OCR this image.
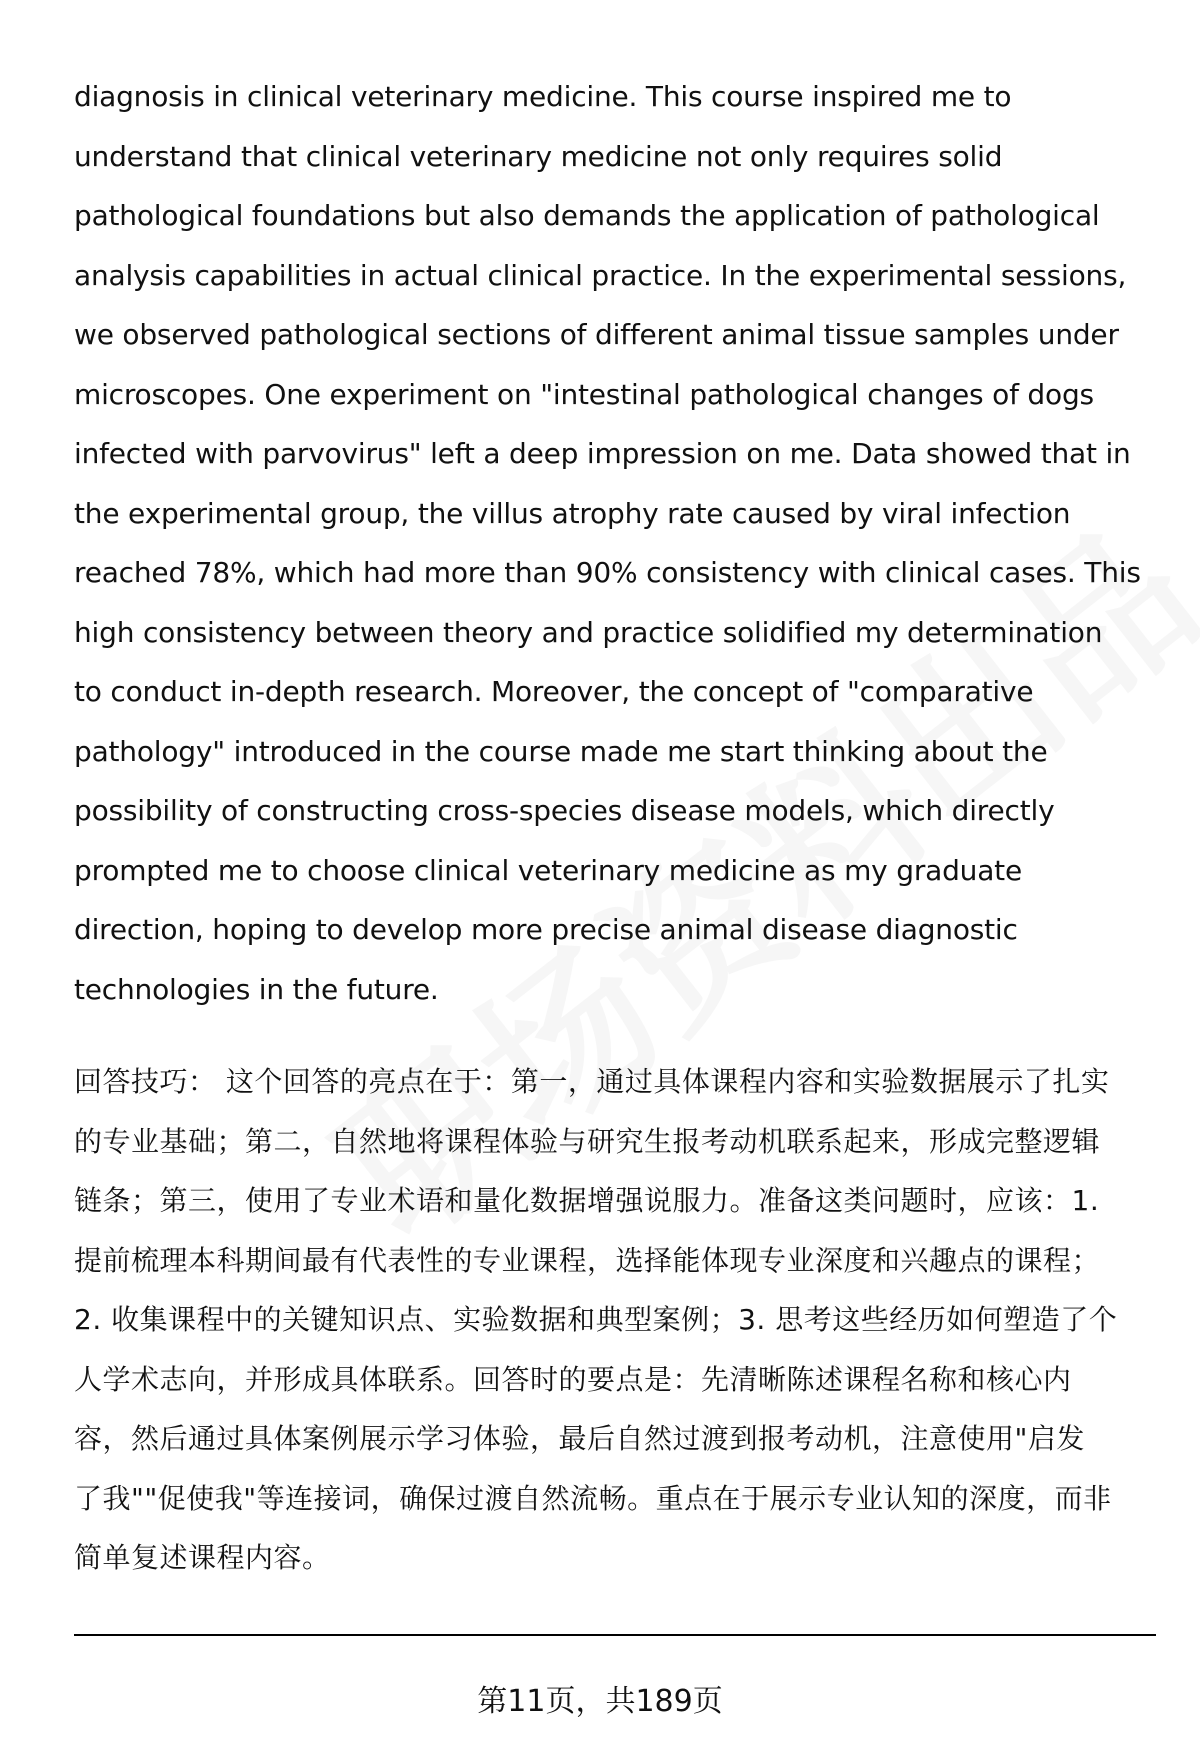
diagnosis in clinical veterinary medicine. This course inspired me to
understand that clinical veterinary medicine not only requires solid
pathological foundations but also demands the application of pathological
analysis capabilities in actual clinical practice. In the experimental sessions,
we observed pathological sections of different animal tissue samples under
microscopes. One experiment on "intestinal pathological changes of dogs
infected with parvovirus" left a deep impression on me. Data showed that in
the experimental group, the villus atrophy rate caused by viral infection
reached 78%, which had more than 90% consistency with clinical cases. This
high consistency between theory and practice solidified my determination
to conduct in-depth research. Moreover, the concept of "comparative
pathology" introduced in the course made me start thinking about the
possibility of constructing cross-species disease models, which directly
prompted me to choose clinical veterinary medicine as my graduate
direction, hoping to develop more precise animal disease diagnostic
technologies in the future.
回答技巧： 这个回答的亮点在于：第一，通过具体课程内容和实验数据展示了扎实
的专业基础；第二，自然地将课程体验与研究生报考动机联系起来，形成完整逻辑
链条；第三，使用了专业术语和量化数据增强说服力。准备这类问题时，应该：1.
提前梳理本科期间最有代表性的专业课程，选择能体现专业深度和兴趣点的课程；
2. 收集课程中的关键知识点、实验数据和典型案例；3. 思考这些经历如何塑造了个
人学术志向，并形成具体联系。回答时的要点是：先清晰陈述课程名称和核心内
容，然后通过具体案例展示学习体验，最后自然过渡到报考动机，注意使用"启发
了我""促使我"等连接词，确保过渡自然流畅。重点在于展示专业认知的深度，而非
简单复述课程内容。
第11页，共189页
